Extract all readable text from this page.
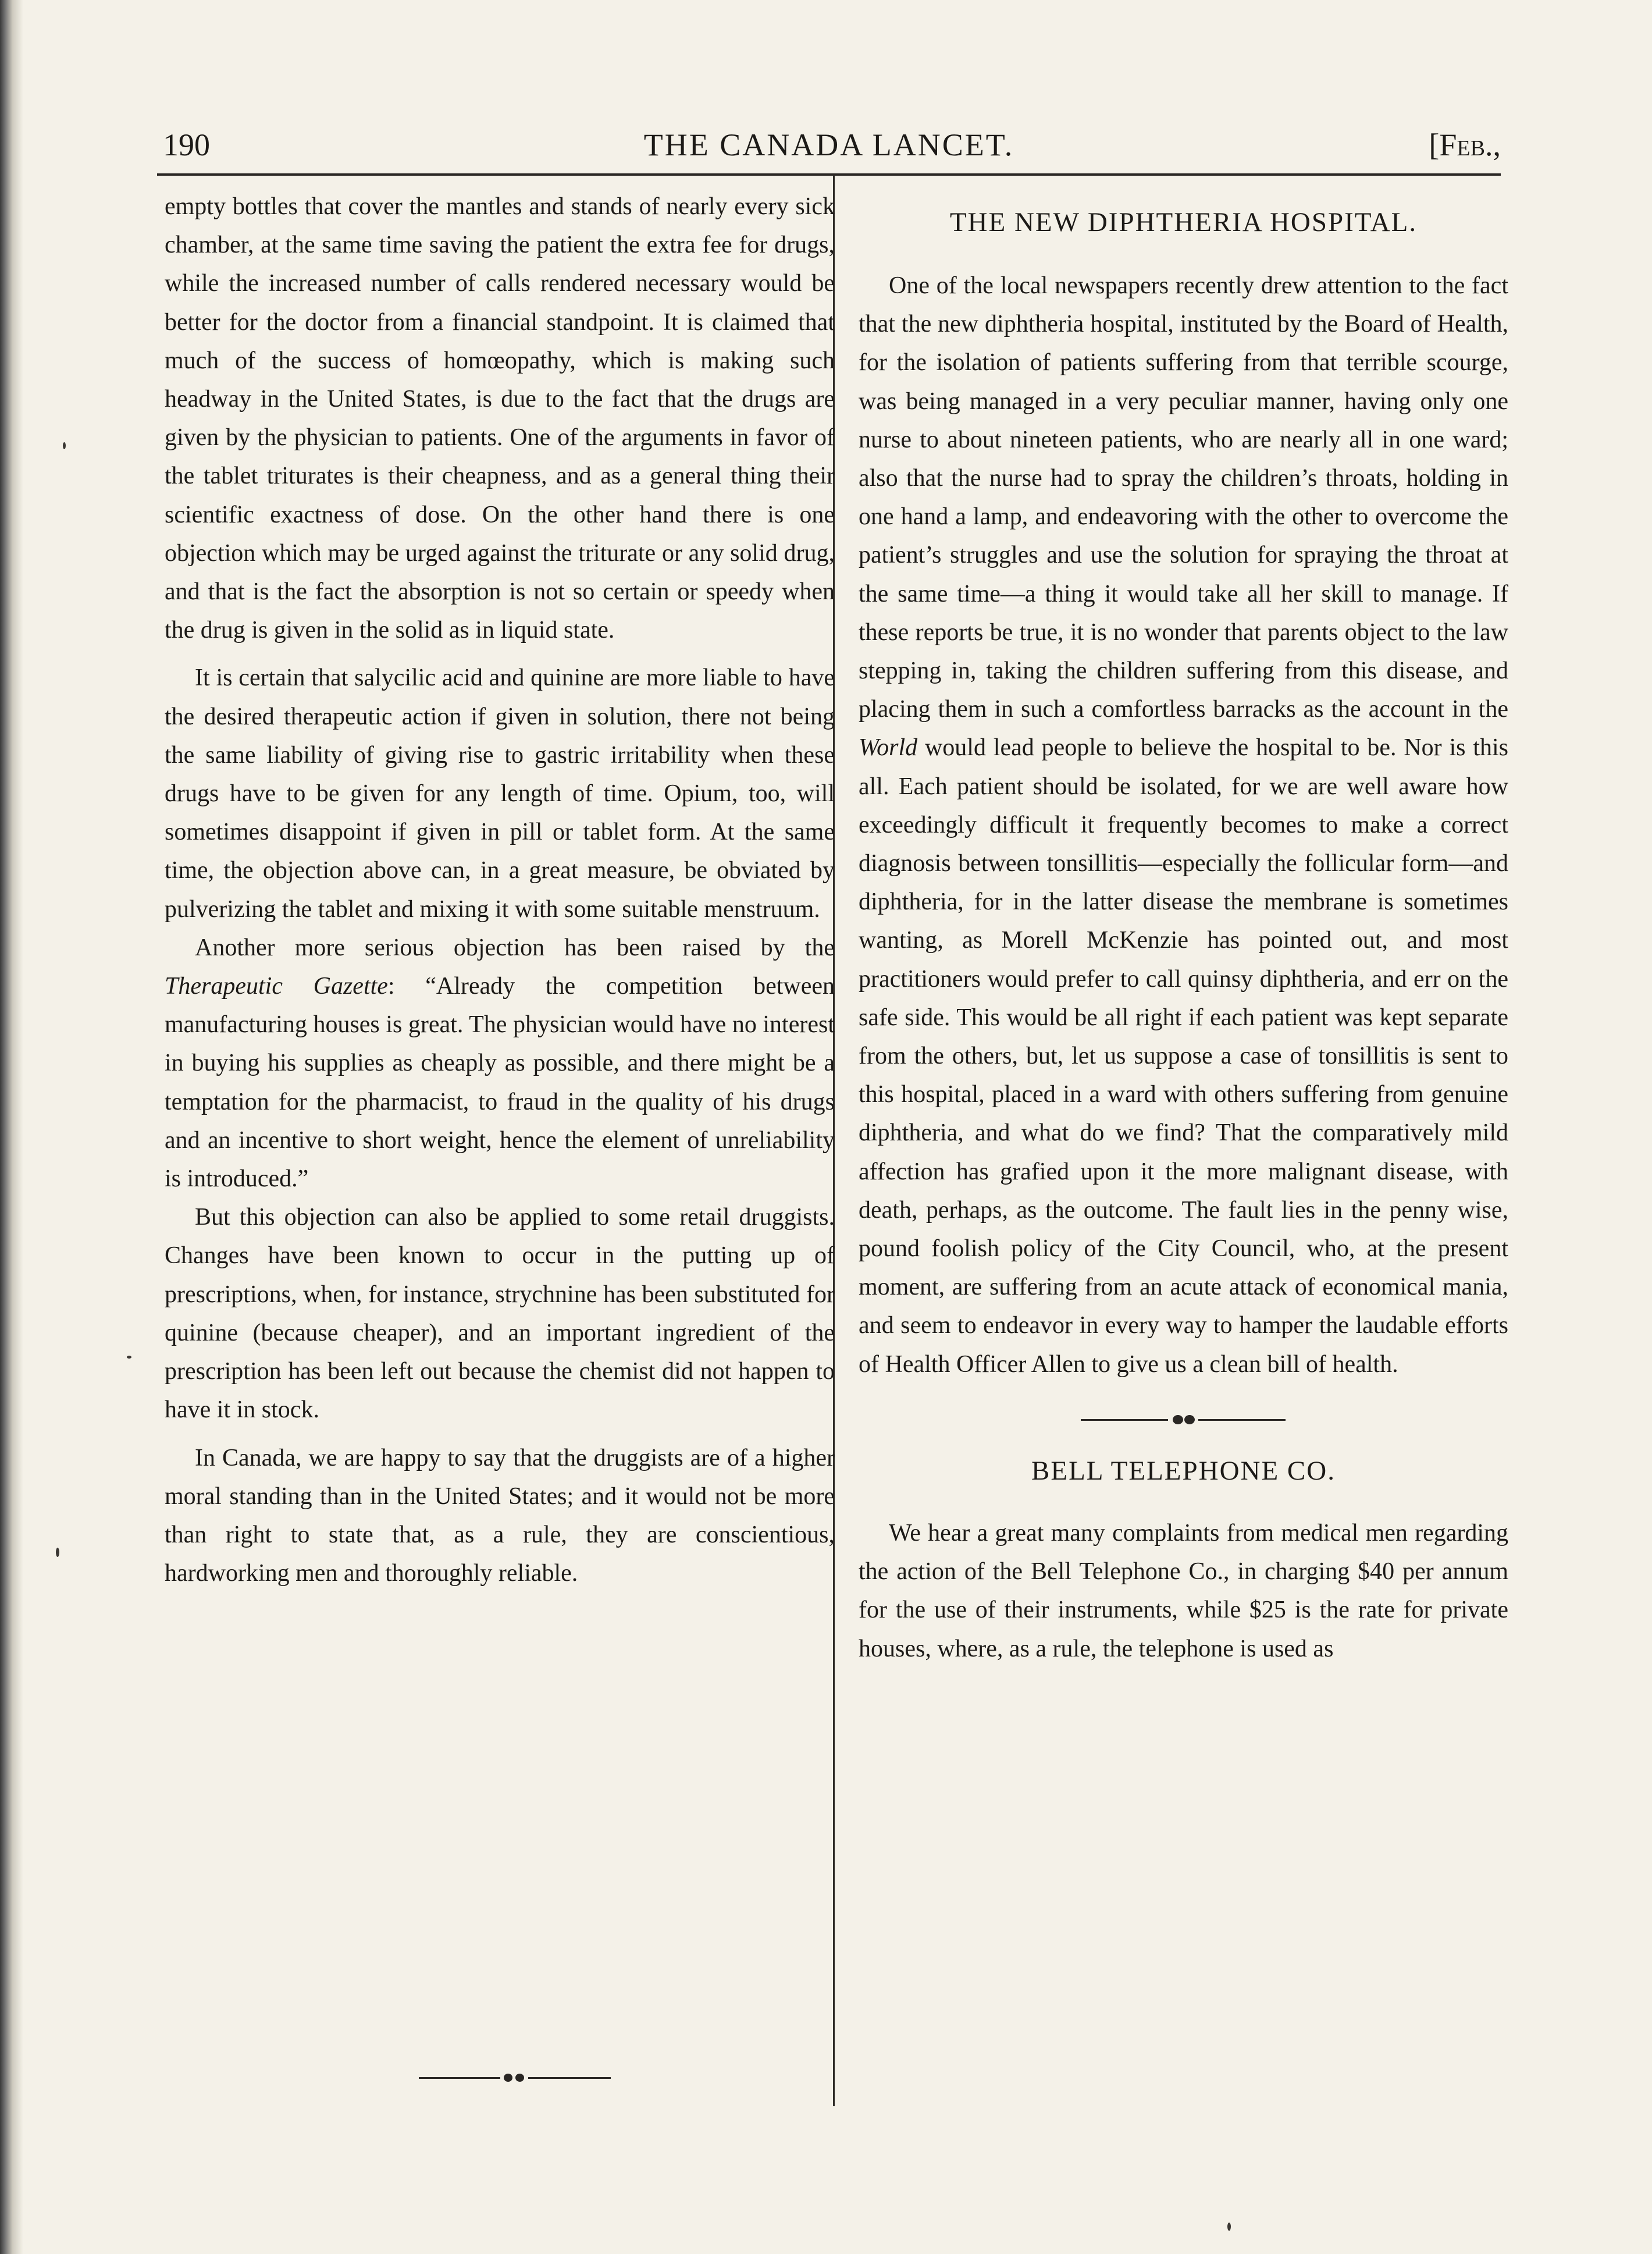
190	THE CANADA LANCET.	[Feb.,

empty bottles that cover the mantles and stands of nearly every sick chamber, at the same time saving the patient the extra fee for drugs, while the increased number of calls rendered necessary would be better for the doctor from a financial standpoint. It is claimed that much of the success of homœopathy, which is making such headway in the United States, is due to the fact that the drugs are given by the physician to patients. One of the arguments in favor of the tablet triturates is their cheapness, and as a general thing their scientific exactness of dose. On the other hand there is one objection which may be urged against the triturate or any solid drug, and that is the fact the absorption is not so certain or speedy when the drug is given in the solid as in liquid state.

It is certain that salycilic acid and quinine are more liable to have the desired therapeutic action if given in solution, there not being the same liability of giving rise to gastric irritability when these drugs have to be given for any length of time. Opium, too, will sometimes disappoint if given in pill or tablet form. At the same time, the objection above can, in a great measure, be obviated by pulverizing the tablet and mixing it with some suitable menstruum.

Another more serious objection has been raised by the Therapeutic Gazette: “Already the competition between manufacturing houses is great. The physician would have no interest in buying his supplies as cheaply as possible, and there might be a temptation for the pharmacist, to fraud in the quality of his drugs and an incentive to short weight, hence the element of unreliability is introduced.”

But this objection can also be applied to some retail druggists. Changes have been known to occur in the putting up of prescriptions, when, for instance, strychnine has been substituted for quinine (because cheaper), and an important ingredient of the prescription has been left out because the chemist did not happen to have it in stock.

In Canada, we are happy to say that the druggists are of a higher moral standing than in the United States; and it would not be more than right to state that, as a rule, they are conscientious, hardworking men and thoroughly reliable.

THE NEW DIPHTHERIA HOSPITAL.

One of the local newspapers recently drew attention to the fact that the new diphtheria hospital, instituted by the Board of Health, for the isolation of patients suffering from that terrible scourge, was being managed in a very peculiar manner, having only one nurse to about nineteen patients, who are nearly all in one ward; also that the nurse had to spray the children’s throats, holding in one hand a lamp, and endeavoring with the other to overcome the patient’s struggles and use the solution for spraying the throat at the same time—a thing it would take all her skill to manage. If these reports be true, it is no wonder that parents object to the law stepping in, taking the children suffering from this disease, and placing them in such a comfortless barracks as the account in the World would lead people to believe the hospital to be. Nor is this all. Each patient should be isolated, for we are well aware how exceedingly difficult it frequently becomes to make a correct diagnosis between tonsillitis—especially the follicular form—and diphtheria, for in the latter disease the membrane is sometimes wanting, as Morell McKenzie has pointed out, and most practitioners would prefer to call quinsy diphtheria, and err on the safe side. This would be all right if each patient was kept separate from the others, but, let us suppose a case of tonsillitis is sent to this hospital, placed in a ward with others suffering from genuine diphtheria, and what do we find? That the comparatively mild affection has grafied upon it the more malignant disease, with death, perhaps, as the outcome. The fault lies in the penny wise, pound foolish policy of the City Council, who, at the present moment, are suffering from an acute attack of economical mania, and seem to endeavor in every way to hamper the laudable efforts of Health Officer Allen to give us a clean bill of health.

BELL TELEPHONE CO.

We hear a great many complaints from medical men regarding the action of the Bell Telephone Co., in charging $40 per annum for the use of their instruments, while $25 is the rate for private houses, where, as a rule, the telephone is used as
